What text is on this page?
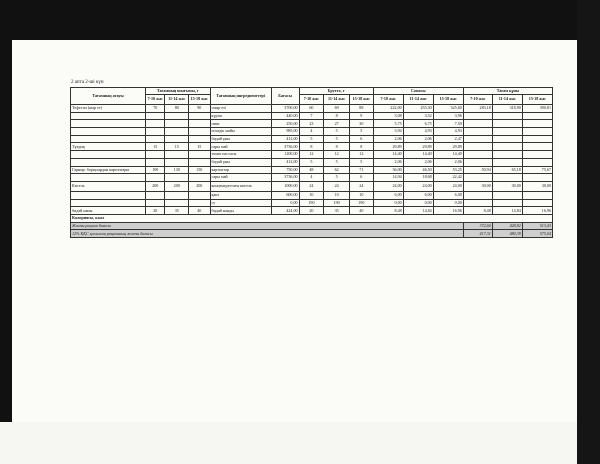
2 апта 2-ші күн
Тағамның атауы	Тағамның шығымы, г			Тағамның ингредиенттері	Бағасы	Брутто, г			Сомасы			Тағам құны		
	7-10 жас	11-14 жас	15-18 жас			7-10 жас	11-14 жас	15-18 жас	7-10 жас	11-14 жас	15-18 жас	7-10 жас	11-14 жас	15-18 жас
Тефтели (шар ет)	70	80	90	сиыр еті	3700,00	60	69	88	222,00	255,30	325,60	283,18	318,90	390,81
				күріш	440,00	7	8	9	3,08	3,52	3,96			
				пияз	250,00	23	27	30	5,75	6,75	7,50			
				өсімдік майы	985,00	4	5	5	3,94	4,93	4,93			
				бидай ұны	412,00	5	5	6	2,06	2,06	2,47			
Тұздық	15	15	15	сары май	3736,00	8	8	8	29,89	29,89	29,89			
				томат пастасы	1200,00	12	12	12	14,40	14,40	14,40			
				бидай ұны	412,00	5	5	5	2,06	2,06	2,06			
Гарнир: борщлардан картоптары	100	130	150	картоптар	750,00	48	62	71	36,00	46,50	53,25	50,94	65,18	75,67
				сары май	3736,00	4	5	6	14,94	18,68	22,42			
Кисель	200	200	200	концентраттағы кисель	1000,00	24	24	24	24,00	24,00	24,00	30,00	30,00	30,00
				қант	600,00	10	10	10	6,00	6,00	6,00			
				су	0,00	190	190	190	0,00	0,00	0,00			
бидай наны	20	35	40	бидай нанды	424,00	20	35	40	8,48	14,84	16,96	8,48	14,84	16,96
Калориясы, ккал														
Жалпы рацион бағасы												372,60	428,92	513,43
12% ҚҚС қосылған рационның жалпы бағасы												417,31	480,39	575,04
